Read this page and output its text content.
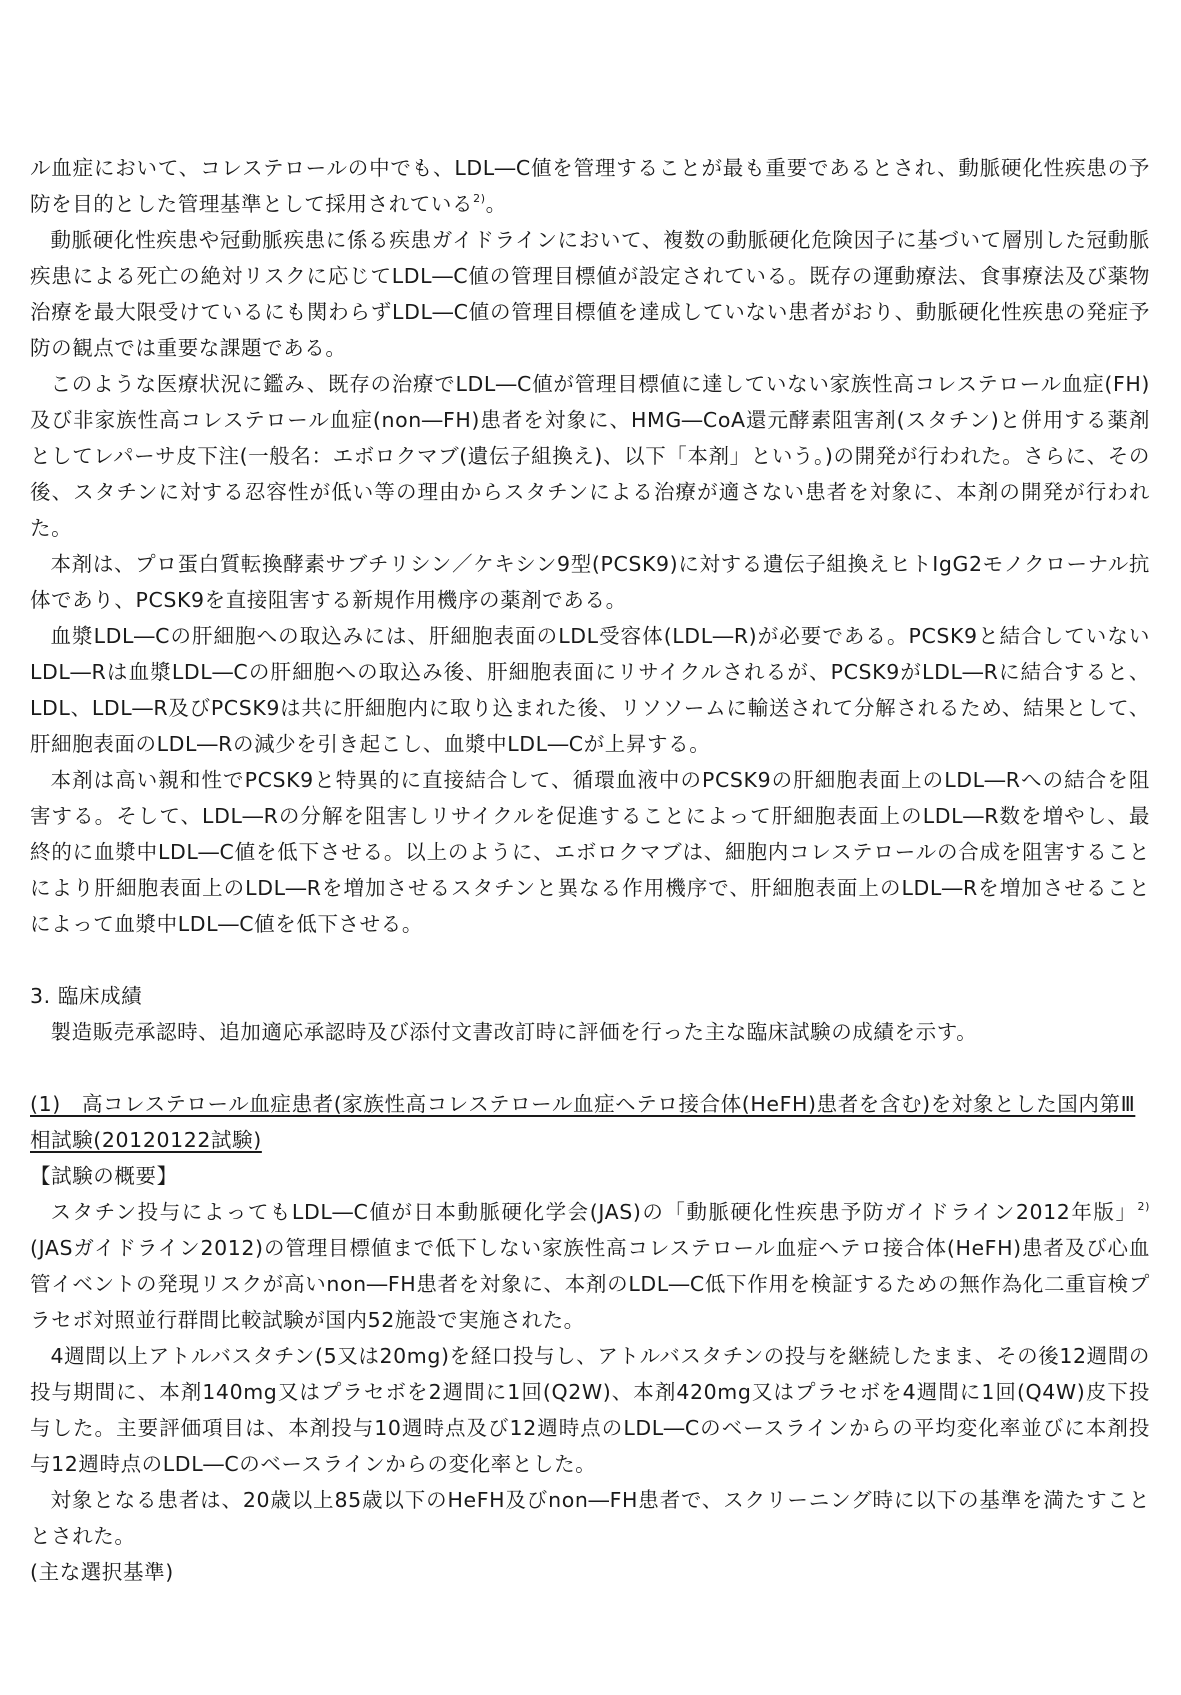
ル血症において、コレステロールの中でも、LDL―C値を管理することが最も重要であるとされ、動脈硬化性疾患の予防を目的とした管理基準として採用されている$^{2)}$。

動脈硬化性疾患や冠動脈疾患に係る疾患ガイドラインにおいて、複数の動脈硬化危険因子に基づいて層別した冠動脈疾患による死亡の絶対リスクに応じてLDL―C値の管理目標値が設定されている。既存の運動療法、食事療法及び薬物治療を最大限受けているにも関わらずLDL―C値の管理目標値を達成していない患者がおり、動脈硬化性疾患の発症予防の観点では重要な課題である。

このような医療状況に鑑み、既存の治療でLDL―C値が管理目標値に達していない家族性高コレステロール血症(FH)及び非家族性高コレステロール血症(non―FH)患者を対象に、HMG―CoA還元酵素阻害剤(スタチン)と併用する薬剤としてレパーサ皮下注(一般名：エボロクマブ(遺伝子組換え)、以下「本剤」という。)の開発が行われた。さらに、その後、スタチンに対する忍容性が低い等の理由からスタチンによる治療が適さない患者を対象に、本剤の開発が行われた。

本剤は、プロ蛋白質転換酵素サブチリシン／ケキシン9型(PCSK9)に対する遺伝子組換えヒトIgG2モノクローナル抗体であり、PCSK9を直接阻害する新規作用機序の薬剤である。

血漿LDL―Cの肝細胞への取込みには、肝細胞表面のLDL受容体(LDL―R)が必要である。PCSK9と結合していないLDL―Rは血漿LDL―Cの肝細胞への取込み後、肝細胞表面にリサイクルされるが、PCSK9がLDL―Rに結合すると、LDL、LDL―R及びPCSK9は共に肝細胞内に取り込まれた後、リソソームに輸送されて分解されるため、結果として、肝細胞表面のLDL―Rの減少を引き起こし、血漿中LDL―Cが上昇する。

本剤は高い親和性でPCSK9と特異的に直接結合して、循環血液中のPCSK9の肝細胞表面上のLDL―Rへの結合を阻害する。そして、LDL―Rの分解を阻害しリサイクルを促進することによって肝細胞表面上のLDL―R数を増やし、最終的に血漿中LDL―C値を低下させる。以上のように、エボロクマブは、細胞内コレステロールの合成を阻害することにより肝細胞表面上のLDL―Rを増加させるスタチンと異なる作用機序で、肝細胞表面上のLDL―Rを増加させることによって血漿中LDL―C値を低下させる。

3. 臨床成績

製造販売承認時、追加適応承認時及び添付文書改訂時に評価を行った主な臨床試験の成績を示す。

(1)　高コレステロール血症患者(家族性高コレステロール血症ヘテロ接合体(HeFH)患者を含む)を対象とした国内第Ⅲ相試験(20120122試験)

【試験の概要】

スタチン投与によってもLDL―C値が日本動脈硬化学会(JAS)の「動脈硬化性疾患予防ガイドライン2012年版」$^{2)}$(JASガイドライン2012)の管理目標値まで低下しない家族性高コレステロール血症ヘテロ接合体(HeFH)患者及び心血管イベントの発現リスクが高いnon―FH患者を対象に、本剤のLDL―C低下作用を検証するための無作為化二重盲検プラセボ対照並行群間比較試験が国内52施設で実施された。

4週間以上アトルバスタチン(5又は20mg)を経口投与し、アトルバスタチンの投与を継続したまま、その後12週間の投与期間に、本剤140mg又はプラセボを2週間に1回(Q2W)、本剤420mg又はプラセボを4週間に1回(Q4W)皮下投与した。主要評価項目は、本剤投与10週時点及び12週時点のLDL―Cのベースラインからの平均変化率並びに本剤投与12週時点のLDL―Cのベースラインからの変化率とした。

対象となる患者は、20歳以上85歳以下のHeFH及びnon―FH患者で、スクリーニング時に以下の基準を満たすこととされた。

(主な選択基準)
